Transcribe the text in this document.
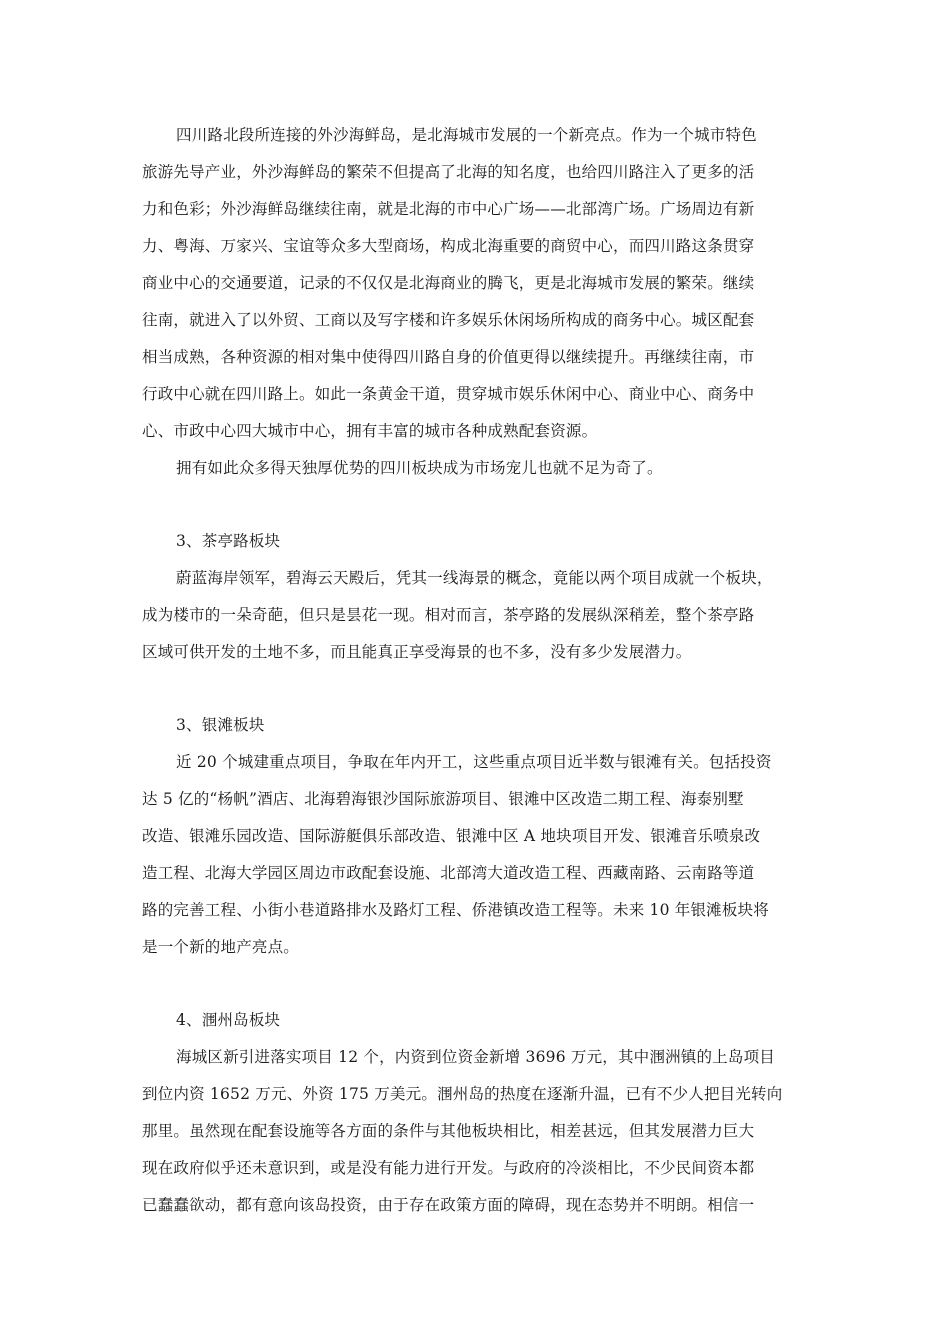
四川路北段所连接的外沙海鲜岛，是北海城市发展的一个新亮点。作为一个城市特色
旅游先导产业，外沙海鲜岛的繁荣不但提高了北海的知名度，也给四川路注入了更多的活
力和色彩；外沙海鲜岛继续往南，就是北海的市中心广场——北部湾广场。广场周边有新
力、粤海、万家兴、宝谊等众多大型商场，构成北海重要的商贸中心，而四川路这条贯穿
商业中心的交通要道，记录的不仅仅是北海商业的腾飞，更是北海城市发展的繁荣。继续
往南，就进入了以外贸、工商以及写字楼和许多娱乐休闲场所构成的商务中心。城区配套
相当成熟，各种资源的相对集中使得四川路自身的价值更得以继续提升。再继续往南，市
行政中心就在四川路上。如此一条黄金干道，贯穿城市娱乐休闲中心、商业中心、商务中
心、市政中心四大城市中心，拥有丰富的城市各种成熟配套资源。
拥有如此众多得天独厚优势的四川板块成为市场宠儿也就不足为奇了。
3、茶亭路板块
蔚蓝海岸领军，碧海云天殿后，凭其一线海景的概念，竟能以两个项目成就一个板块，
成为楼市的一朵奇葩，但只是昙花一现。相对而言，茶亭路的发展纵深稍差，整个茶亭路
区域可供开发的土地不多，而且能真正享受海景的也不多，没有多少发展潜力。
3、银滩板块
近 20 个城建重点项目，争取在年内开工，这些重点项目近半数与银滩有关。包括投资
达 5 亿的“杨帆”酒店、北海碧海银沙国际旅游项目、银滩中区改造二期工程、海泰别墅
改造、银滩乐园改造、国际游艇俱乐部改造、银滩中区 A 地块项目开发、银滩音乐喷泉改
造工程、北海大学园区周边市政配套设施、北部湾大道改造工程、西藏南路、云南路等道
路的完善工程、小街小巷道路排水及路灯工程、侨港镇改造工程等。未来 10 年银滩板块将
是一个新的地产亮点。
4、涠州岛板块
海城区新引进落实项目 12 个，内资到位资金新增 3696 万元，其中涠洲镇的上岛项目
到位内资 1652 万元、外资 175 万美元。涠州岛的热度在逐渐升温，已有不少人把目光转向
那里。虽然现在配套设施等各方面的条件与其他板块相比，相差甚远，但其发展潜力巨大
现在政府似乎还未意识到，或是没有能力进行开发。与政府的冷淡相比，不少民间资本都
已蠢蠢欲动，都有意向该岛投资，由于存在政策方面的障碍，现在态势并不明朗。相信一
